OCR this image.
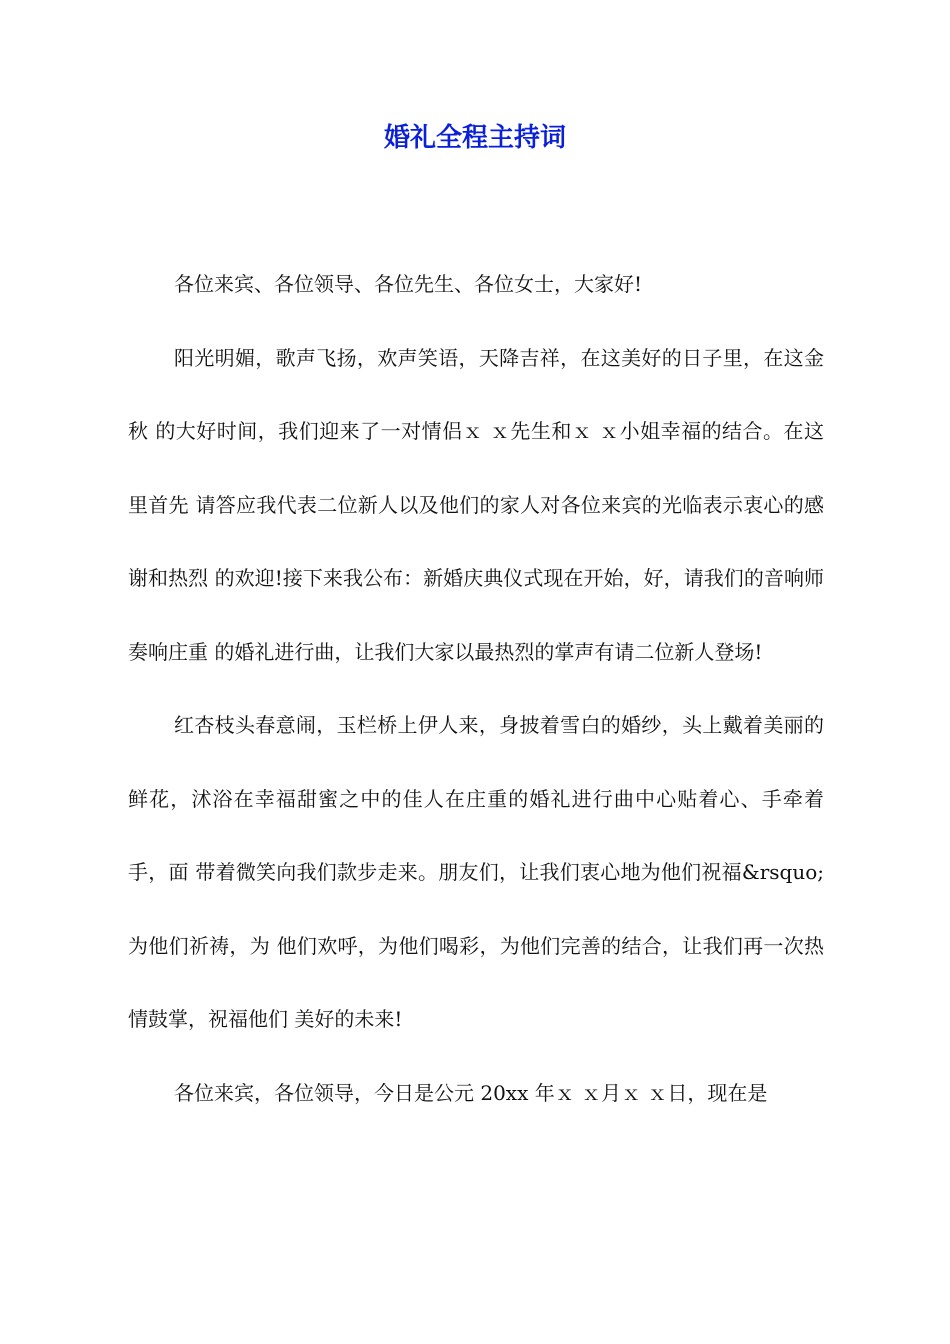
婚礼全程主持词

各位来宾、各位领导、各位先生、各位女士，大家好!

阳光明媚，歌声飞扬，欢声笑语，天降吉祥，在这美好的日子里，在这金秋 的大好时间，我们迎来了一对情侣ｘ ｘ先生和ｘ ｘ小姐幸福的结合。在这里首先 请答应我代表二位新人以及他们的家人对各位来宾的光临表示衷心的感谢和热烈 的欢迎!接下来我公布：新婚庆典仪式现在开始，好，请我们的音响师奏响庄重 的婚礼进行曲，让我们大家以最热烈的掌声有请二位新人登场!

红杏枝头春意闹，玉栏桥上伊人来，身披着雪白的婚纱，头上戴着美丽的鲜花，沭浴在幸福甜蜜之中的佳人在庄重的婚礼进行曲中心贴着心、手牵着手，面 带着微笑向我们款步走来。朋友们，让我们衷心地为他们祝福&rsquo;为他们祈祷，为 他们欢呼，为他们喝彩，为他们完善的结合，让我们再一次热情鼓掌，祝福他们 美好的未来!

各位来宾，各位领导，今日是公元 20xx 年ｘ ｘ月ｘ ｘ日，现在是
